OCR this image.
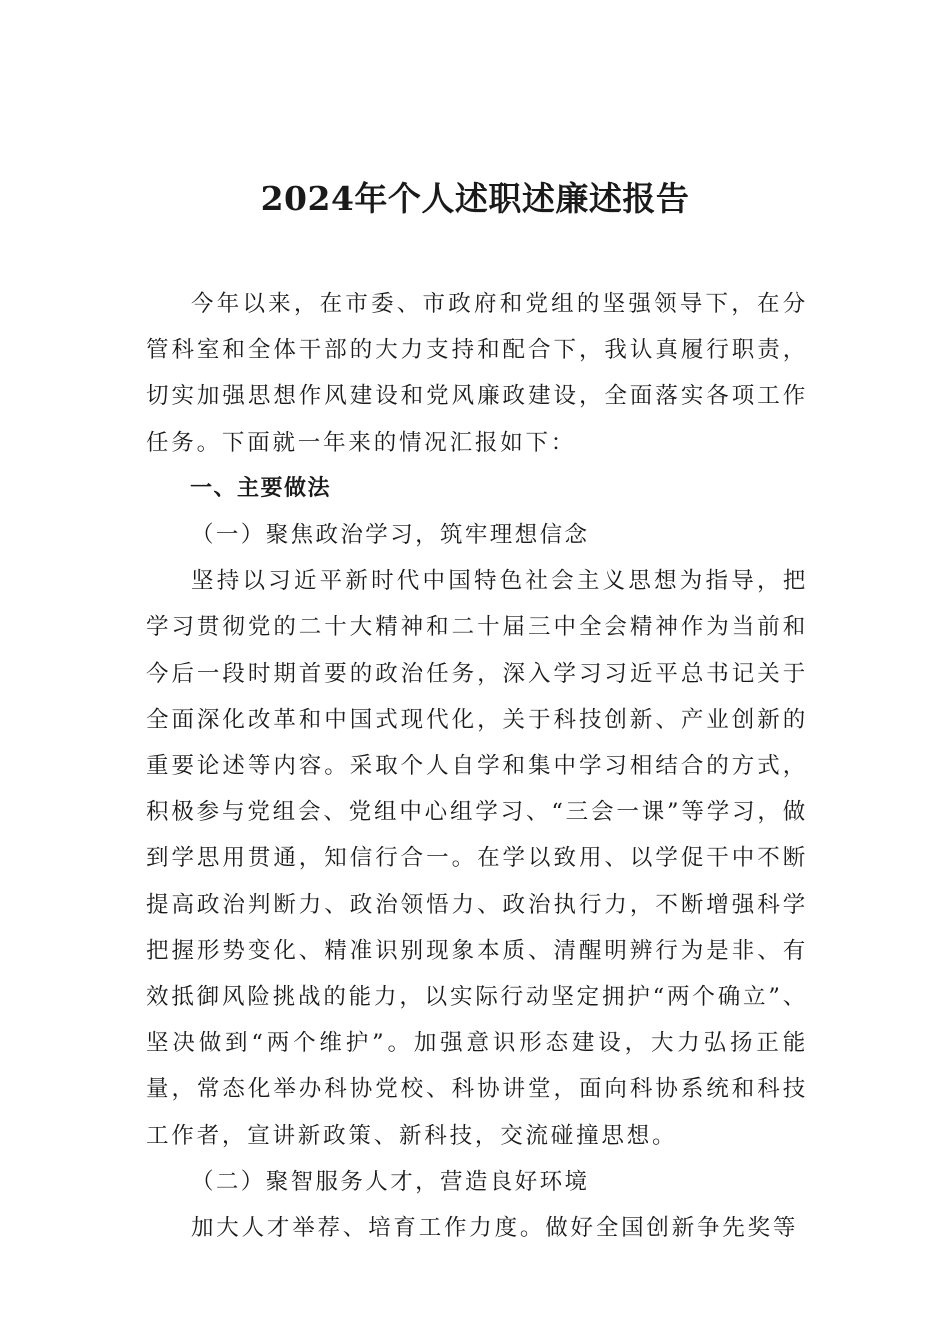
2024年个人述职述廉述报告

今年以来，在市委、市政府和党组的坚强领导下，在分管科室和全体干部的大力支持和配合下，我认真履行职责，切实加强思想作风建设和党风廉政建设，全面落实各项工作任务。下面就一年来的情况汇报如下：

一、主要做法

（一）聚焦政治学习，筑牢理想信念

坚持以习近平新时代中国特色社会主义思想为指导，把学习贯彻党的二十大精神和二十届三中全会精神作为当前和今后一段时期首要的政治任务，深入学习习近平总书记关于全面深化改革和中国式现代化，关于科技创新、产业创新的重要论述等内容。采取个人自学和集中学习相结合的方式，积极参与党组会、党组中心组学习、“三会一课”等学习，做到学思用贯通，知信行合一。在学以致用、以学促干中不断提高政治判断力、政治领悟力、政治执行力，不断增强科学把握形势变化、精准识别现象本质、清醒明辨行为是非、有效抵御风险挑战的能力，以实际行动坚定拥护“两个确立”、坚决做到“两个维护”。加强意识形态建设，大力弘扬正能量，常态化举办科协党校、科协讲堂，面向科协系统和科技工作者，宣讲新政策、新科技，交流碰撞思想。

（二）聚智服务人才，营造良好环境

加大人才举荐、培育工作力度。做好全国创新争先奖等
